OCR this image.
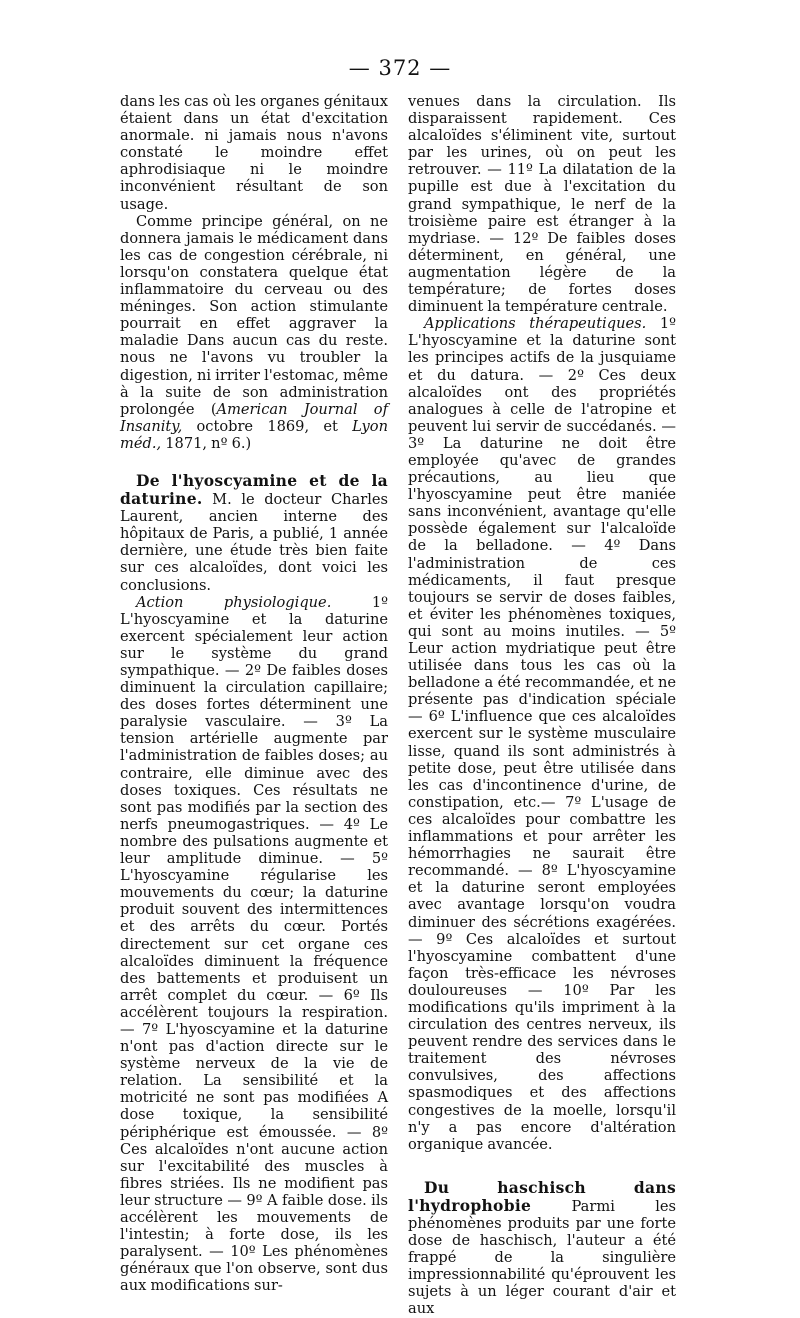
— 372 —

dans les cas où les organes génitaux étaient dans un état d'excitation anormale. ni jamais nous n'avons constaté le moindre effet aphrodisiaque ni le moindre inconvénient résultant de son usage.

Comme principe général, on ne donnera jamais le médicament dans les cas de congestion cérébrale, ni lorsqu'on constatera quelque état inflammatoire du cerveau ou des méninges. Son action stimulante pourrait en effet aggraver la maladie Dans aucun cas du reste. nous ne l'avons vu troubler la digestion, ni irriter l'estomac, même à la suite de son administration prolongée (American Journal of Insanity, octobre 1869, et Lyon méd., 1871, nº 6.)

De l'hyoscyamine et de la daturine. M. le docteur Charles Laurent, ancien interne des hôpitaux de Paris, a publié, 1 année dernière, une étude très bien faite sur ces alcaloïdes, dont voici les conclusions.

Action physiologique. 1º L'hyoscyamine et la daturine exercent spécialement leur action sur le système du grand sympathique. — 2º De faibles doses diminuent la circulation capillaire; des doses fortes déterminent une paralysie vasculaire. — 3º La tension artérielle augmente par l'administration de faibles doses; au contraire, elle diminue avec des doses toxiques. Ces résultats ne sont pas modifiés par la section des nerfs pneumogastriques. — 4º Le nombre des pulsations augmente et leur amplitude diminue. — 5º L'hyoscyamine régularise les mouvements du cœur; la daturine produit souvent des intermittences et des arrêts du cœur. Portés directement sur cet organe ces alcaloïdes diminuent la fréquence des battements et produisent un arrêt complet du cœur. — 6º Ils accélèrent toujours la respiration. — 7º L'hyoscyamine et la daturine n'ont pas d'action directe sur le système nerveux de la vie de relation. La sensibilité et la motricité ne sont pas modifiées A dose toxique, la sensibilité périphérique est émoussée. — 8º Ces alcaloïdes n'ont aucune action sur l'excitabilité des muscles à fibres striées. Ils ne modifient pas leur structure — 9º A faible dose. ils accélèrent les mouvements de l'intestin; à forte dose, ils les paralysent. — 10º Les phénomènes généraux que l'on observe, sont dus aux modifications sur-

venues dans la circulation. Ils disparaissent rapidement. Ces alcaloïdes s'éliminent vite, surtout par les urines, où on peut les retrouver. — 11º La dilatation de la pupille est due à l'excitation du grand sympathique, le nerf de la troisième paire est étranger à la mydriase. — 12º De faibles doses déterminent, en général, une augmentation légère de la température; de fortes doses diminuent la température centrale.

Applications thérapeutiques. 1º L'hyoscyamine et la daturine sont les principes actifs de la jusquiame et du datura. — 2º Ces deux alcaloïdes ont des propriétés analogues à celle de l'atropine et peuvent lui servir de succédanés. — 3º La daturine ne doit être employée qu'avec de grandes précautions, au lieu que l'hyoscyamine peut être maniée sans inconvénient, avantage qu'elle possède également sur l'alcaloïde de la belladone. — 4º Dans l'administration de ces médicaments, il faut presque toujours se servir de doses faibles, et éviter les phénomènes toxiques, qui sont au moins inutiles. — 5º Leur action mydriatique peut être utilisée dans tous les cas où la belladone a été recommandée, et ne présente pas d'indication spéciale — 6º L'influence que ces alcaloïdes exercent sur le système musculaire lisse, quand ils sont administrés à petite dose, peut être utilisée dans les cas d'incontinence d'urine, de constipation, etc.— 7º L'usage de ces alcaloïdes pour combattre les inflammations et pour arrêter les hémorrhagies ne saurait être recommandé. — 8º L'hyoscyamine et la daturine seront employées avec avantage lorsqu'on voudra diminuer des sécrétions exagérées. — 9º Ces alcaloïdes et surtout l'hyoscyamine combattent d'une façon très-efficace les névroses douloureuses — 10º Par les modifications qu'ils impriment à la circulation des centres nerveux, ils peuvent rendre des services dans le traitement des névroses convulsives, des affections spasmodiques et des affections congestives de la moelle, lorsqu'il n'y a pas encore d'altération organique avancée.

Du haschisch dans l'hydrophobie Parmi les phénomènes produits par une forte dose de haschisch, l'auteur a été frappé de la singulière impressionnabilité qu'éprouvent les sujets à un léger courant d'air et aux
